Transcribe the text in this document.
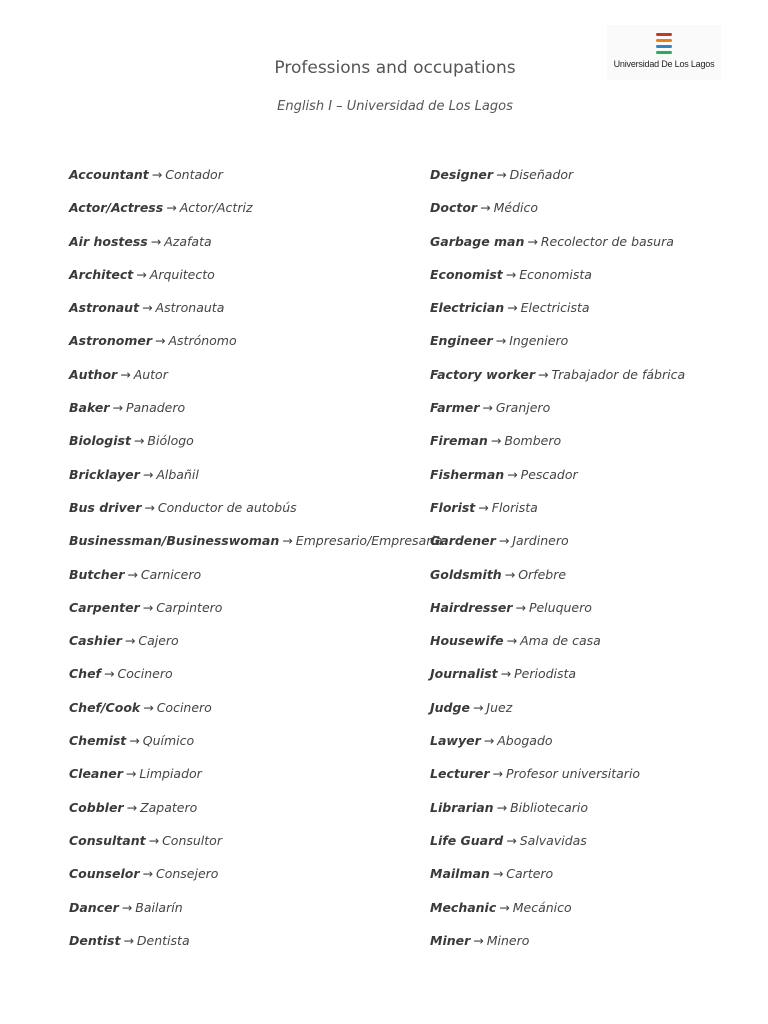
Universidad De Los Lagos
Professions and occupations
English I – Universidad de Los Lagos
Accountant → Contador
Actor/Actress → Actor/Actriz
Air hostess → Azafata
Architect → Arquitecto
Astronaut → Astronauta
Astronomer → Astrónomo
Author → Autor
Baker → Panadero
Biologist → Biólogo
Bricklayer → Albañil
Bus driver → Conductor de autobús
Businessman/Businesswoman → Empresario/Empresaria
Butcher → Carnicero
Carpenter → Carpintero
Cashier → Cajero
Chef → Cocinero
Chef/Cook → Cocinero
Chemist → Químico
Cleaner → Limpiador
Cobbler → Zapatero
Consultant → Consultor
Counselor → Consejero
Dancer → Bailarín
Dentist → Dentista
Designer → Diseñador
Doctor → Médico
Garbage man → Recolector de basura
Economist → Economista
Electrician → Electricista
Engineer → Ingeniero
Factory worker → Trabajador de fábrica
Farmer → Granjero
Fireman → Bombero
Fisherman → Pescador
Florist → Florista
Gardener → Jardinero
Goldsmith → Orfebre
Hairdresser → Peluquero
Housewife → Ama de casa
Journalist → Periodista
Judge → Juez
Lawyer → Abogado
Lecturer → Profesor universitario
Librarian → Bibliotecario
Life Guard → Salvavidas
Mailman → Cartero
Mechanic → Mecánico
Miner → Minero
